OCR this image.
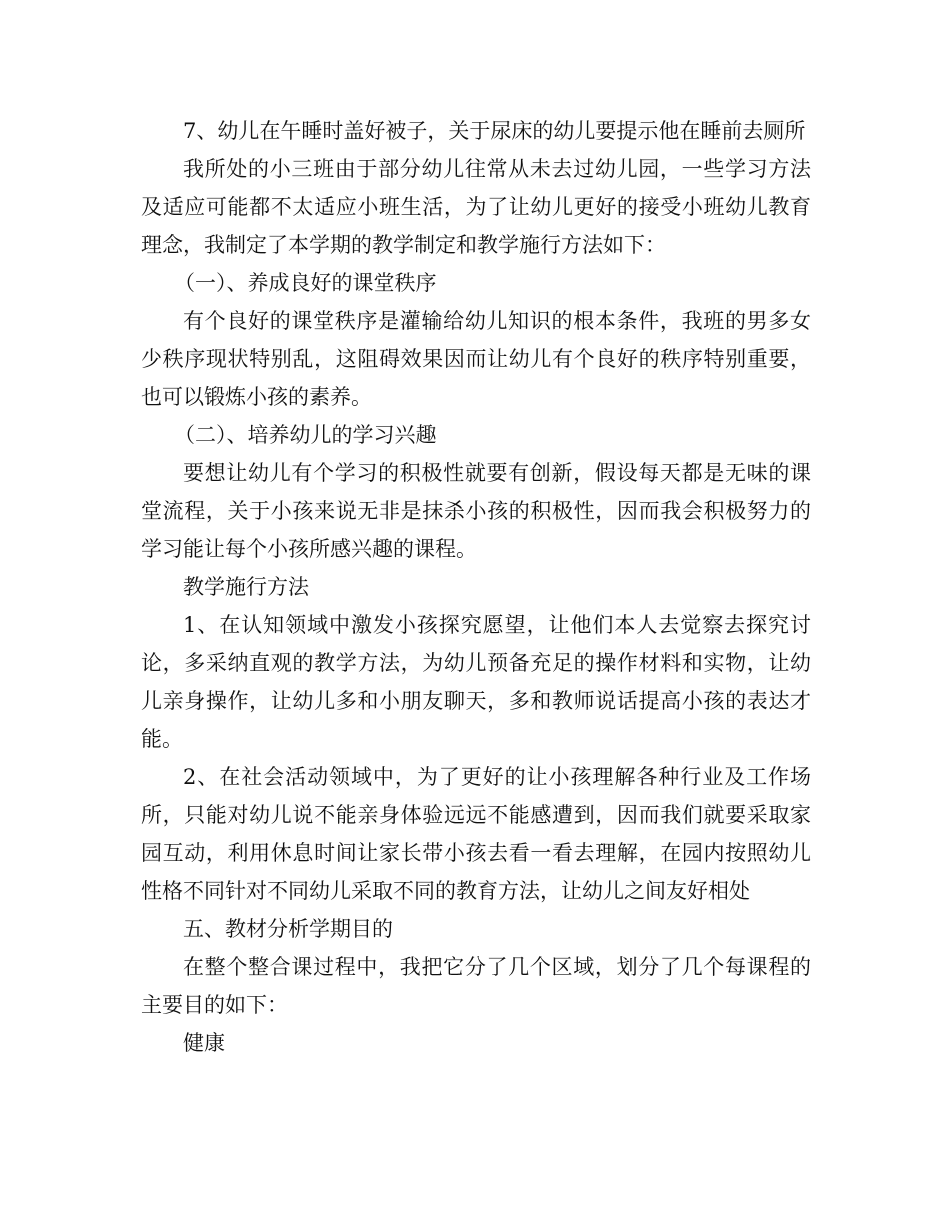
7、幼儿在午睡时盖好被子，关于尿床的幼儿要提示他在睡前去厕所

我所处的小三班由于部分幼儿往常从未去过幼儿园，一些学习方法及适应可能都不太适应小班生活，为了让幼儿更好的接受小班幼儿教育理念，我制定了本学期的教学制定和教学施行方法如下：

（一）、养成良好的课堂秩序

有个良好的课堂秩序是灌输给幼儿知识的根本条件，我班的男多女少秩序现状特别乱，这阻碍效果因而让幼儿有个良好的秩序特别重要，也可以锻炼小孩的素养。

（二）、培养幼儿的学习兴趣

要想让幼儿有个学习的积极性就要有创新，假设每天都是无味的课堂流程，关于小孩来说无非是抹杀小孩的积极性，因而我会积极努力的学习能让每个小孩所感兴趣的课程。

教学施行方法

1、在认知领域中激发小孩探究愿望，让他们本人去觉察去探究讨论，多采纳直观的教学方法，为幼儿预备充足的操作材料和实物，让幼儿亲身操作，让幼儿多和小朋友聊天，多和教师说话提高小孩的表达才能。

2、在社会活动领域中，为了更好的让小孩理解各种行业及工作场所，只能对幼儿说不能亲身体验远远不能感遭到，因而我们就要采取家园互动，利用休息时间让家长带小孩去看一看去理解，在园内按照幼儿性格不同针对不同幼儿采取不同的教育方法，让幼儿之间友好相处

五、教材分析学期目的

在整个整合课过程中，我把它分了几个区域，划分了几个每课程的主要目的如下：

健康
